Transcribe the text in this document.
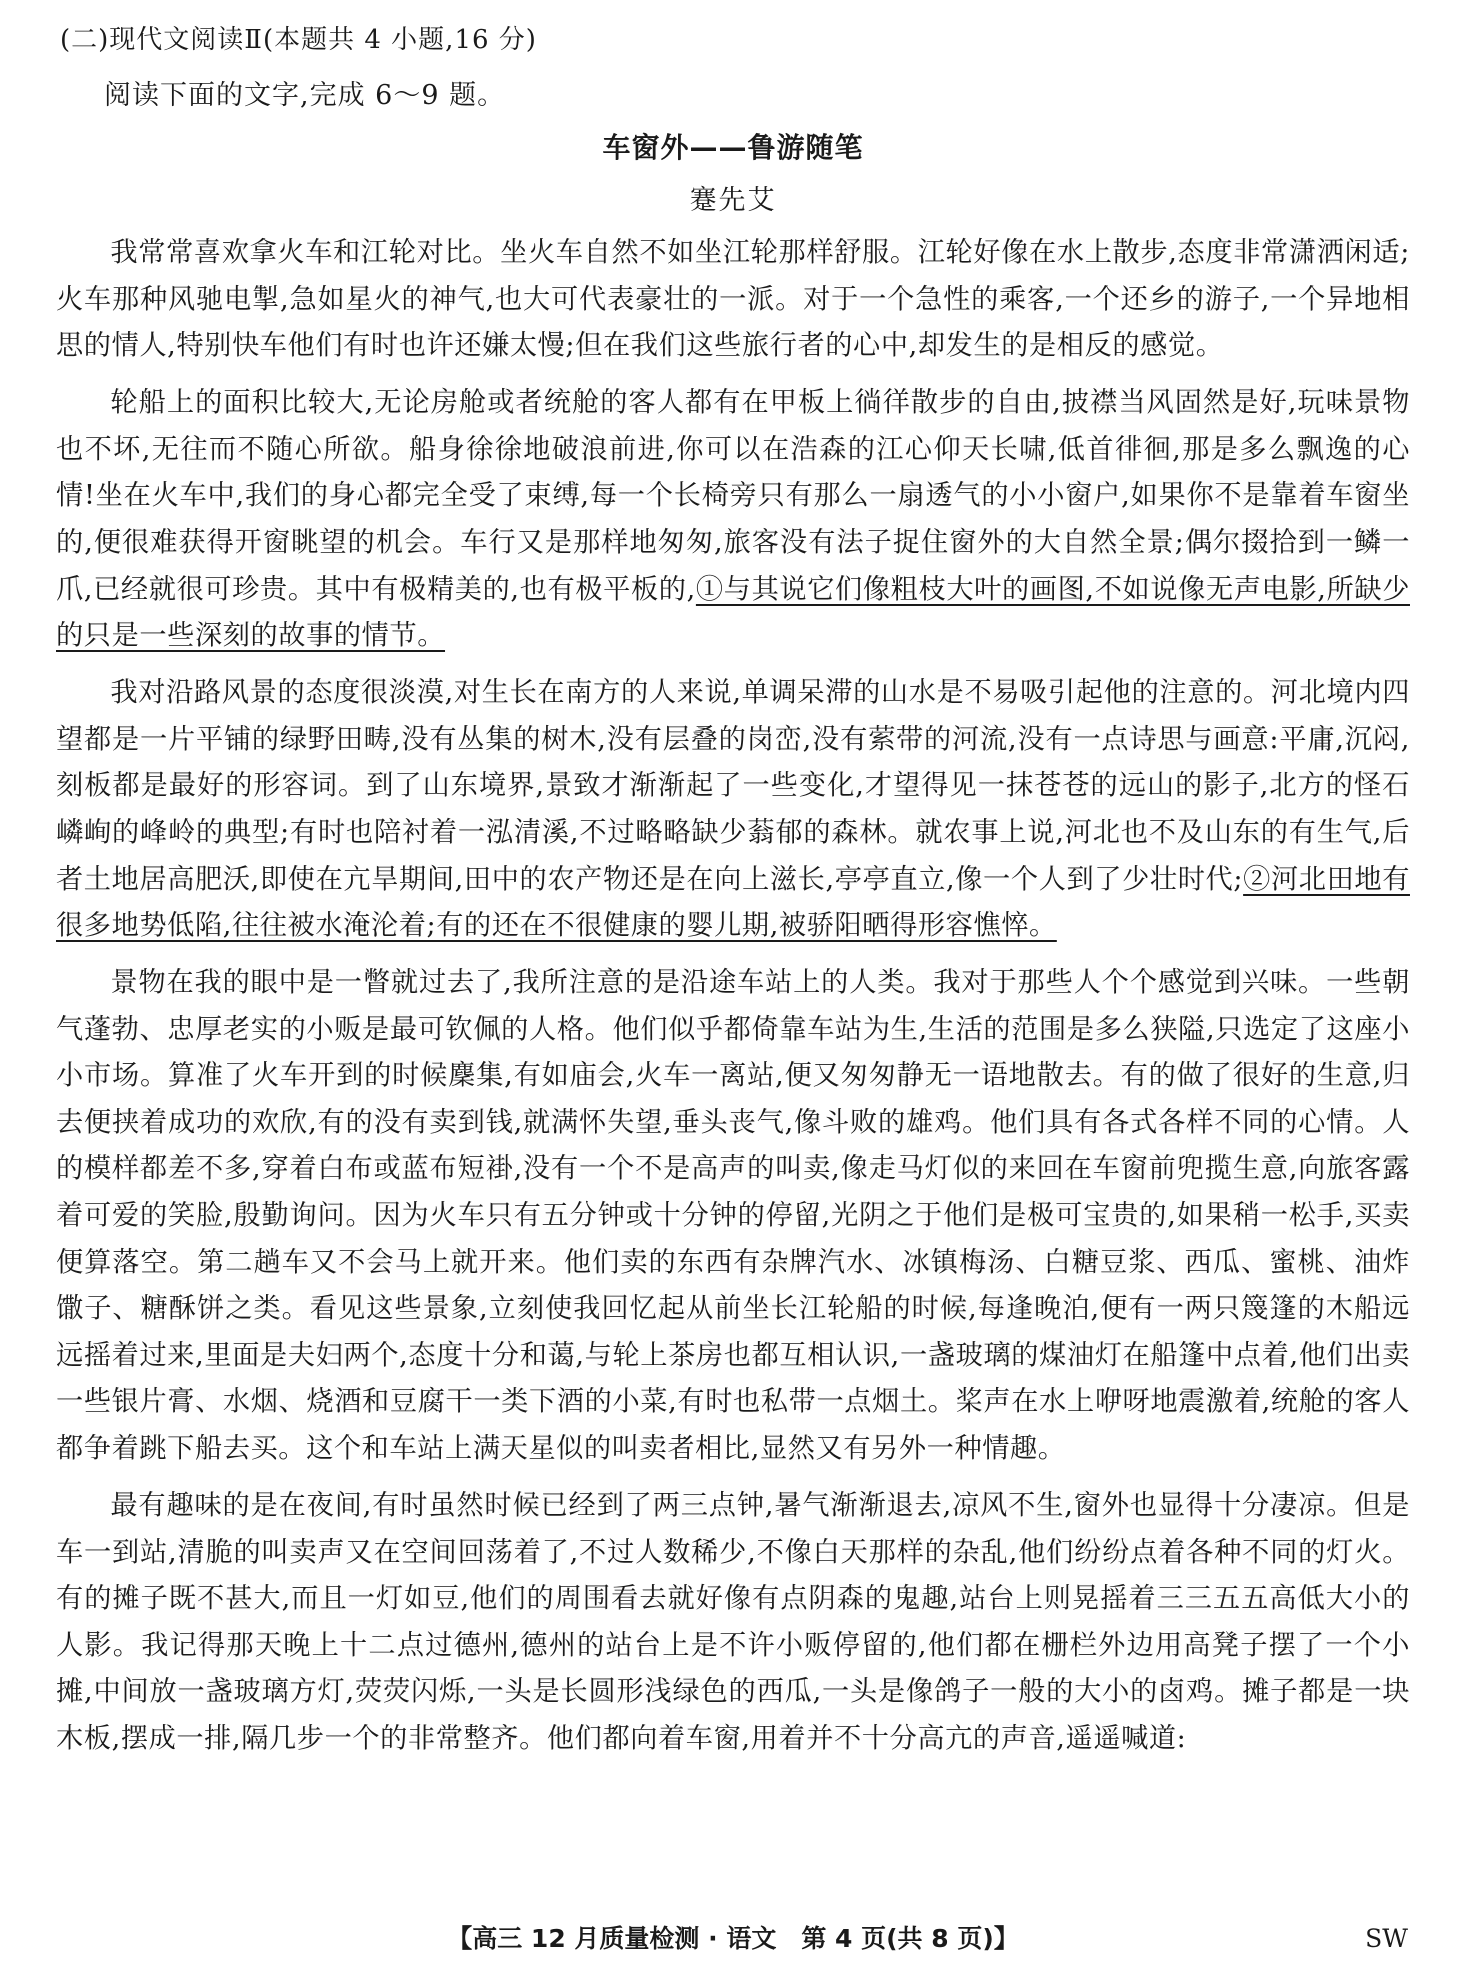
(二)现代文阅读Ⅱ(本题共 4 小题,16 分)
阅读下面的文字,完成 6～9 题。
车窗外——鲁游随笔
蹇先艾

我常常喜欢拿火车和江轮对比。坐火车自然不如坐江轮那样舒服。江轮好像在水上散步,态度非常潇洒闲适;火车那种风驰电掣,急如星火的神气,也大可代表豪壮的一派。对于一个急性的乘客,一个还乡的游子,一个异地相思的情人,特别快车他们有时也许还嫌太慢;但在我们这些旅行者的心中,却发生的是相反的感觉。

轮船上的面积比较大,无论房舱或者统舱的客人都有在甲板上徜徉散步的自由,披襟当风固然是好,玩味景物也不坏,无往而不随心所欲。船身徐徐地破浪前进,你可以在浩森的江心仰天长啸,低首徘徊,那是多么飘逸的心情!坐在火车中,我们的身心都完全受了束缚,每一个长椅旁只有那么一扇透气的小小窗户,如果你不是靠着车窗坐的,便很难获得开窗眺望的机会。车行又是那样地匆匆,旅客没有法子捉住窗外的大自然全景;偶尔掇拾到一鳞一爪,已经就很可珍贵。其中有极精美的,也有极平板的,①与其说它们像粗枝大叶的画图,不如说像无声电影,所缺少的只是一些深刻的故事的情节。

我对沿路风景的态度很淡漠,对生长在南方的人来说,单调呆滞的山水是不易吸引起他的注意的。河北境内四望都是一片平铺的绿野田畴,没有丛集的树木,没有层叠的岗峦,没有萦带的河流,没有一点诗思与画意:平庸,沉闷,刻板都是最好的形容词。到了山东境界,景致才渐渐起了一些变化,才望得见一抹苍苍的远山的影子,北方的怪石嶙峋的峰岭的典型;有时也陪衬着一泓清溪,不过略略缺少蓊郁的森林。就农事上说,河北也不及山东的有生气,后者土地居高肥沃,即使在亢旱期间,田中的农产物还是在向上滋长,亭亭直立,像一个人到了少壮时代;②河北田地有很多地势低陷,往往被水淹沦着;有的还在不很健康的婴儿期,被骄阳晒得形容憔悴。

景物在我的眼中是一瞥就过去了,我所注意的是沿途车站上的人类。我对于那些人个个感觉到兴味。一些朝气蓬勃、忠厚老实的小贩是最可钦佩的人格。他们似乎都倚靠车站为生,生活的范围是多么狭隘,只选定了这座小小市场。算准了火车开到的时候麇集,有如庙会,火车一离站,便又匆匆静无一语地散去。有的做了很好的生意,归去便挟着成功的欢欣,有的没有卖到钱,就满怀失望,垂头丧气,像斗败的雄鸡。他们具有各式各样不同的心情。人的模样都差不多,穿着白布或蓝布短褂,没有一个不是高声的叫卖,像走马灯似的来回在车窗前兜揽生意,向旅客露着可爱的笑脸,殷勤询问。因为火车只有五分钟或十分钟的停留,光阴之于他们是极可宝贵的,如果稍一松手,买卖便算落空。第二趟车又不会马上就开来。他们卖的东西有杂牌汽水、冰镇梅汤、白糖豆浆、西瓜、蜜桃、油炸馓子、糖酥饼之类。看见这些景象,立刻使我回忆起从前坐长江轮船的时候,每逢晚泊,便有一两只篾篷的木船远远摇着过来,里面是夫妇两个,态度十分和蔼,与轮上茶房也都互相认识,一盏玻璃的煤油灯在船篷中点着,他们出卖一些银片膏、水烟、烧酒和豆腐干一类下酒的小菜,有时也私带一点烟土。桨声在水上咿呀地震激着,统舱的客人都争着跳下船去买。这个和车站上满天星似的叫卖者相比,显然又有另外一种情趣。

最有趣味的是在夜间,有时虽然时候已经到了两三点钟,暑气渐渐退去,凉风不生,窗外也显得十分凄凉。但是车一到站,清脆的叫卖声又在空间回荡着了,不过人数稀少,不像白天那样的杂乱,他们纷纷点着各种不同的灯火。有的摊子既不甚大,而且一灯如豆,他们的周围看去就好像有点阴森的鬼趣,站台上则晃摇着三三五五高低大小的人影。我记得那天晚上十二点过德州,德州的站台上是不许小贩停留的,他们都在栅栏外边用高凳子摆了一个小摊,中间放一盏玻璃方灯,荧荧闪烁,一头是长圆形浅绿色的西瓜,一头是像鸽子一般的大小的卤鸡。摊子都是一块木板,摆成一排,隔几步一个的非常整齐。他们都向着车窗,用着并不十分高亢的声音,遥遥喊道:

【高三 12 月质量检测 · 语文　第 4 页(共 8 页)】	SW
